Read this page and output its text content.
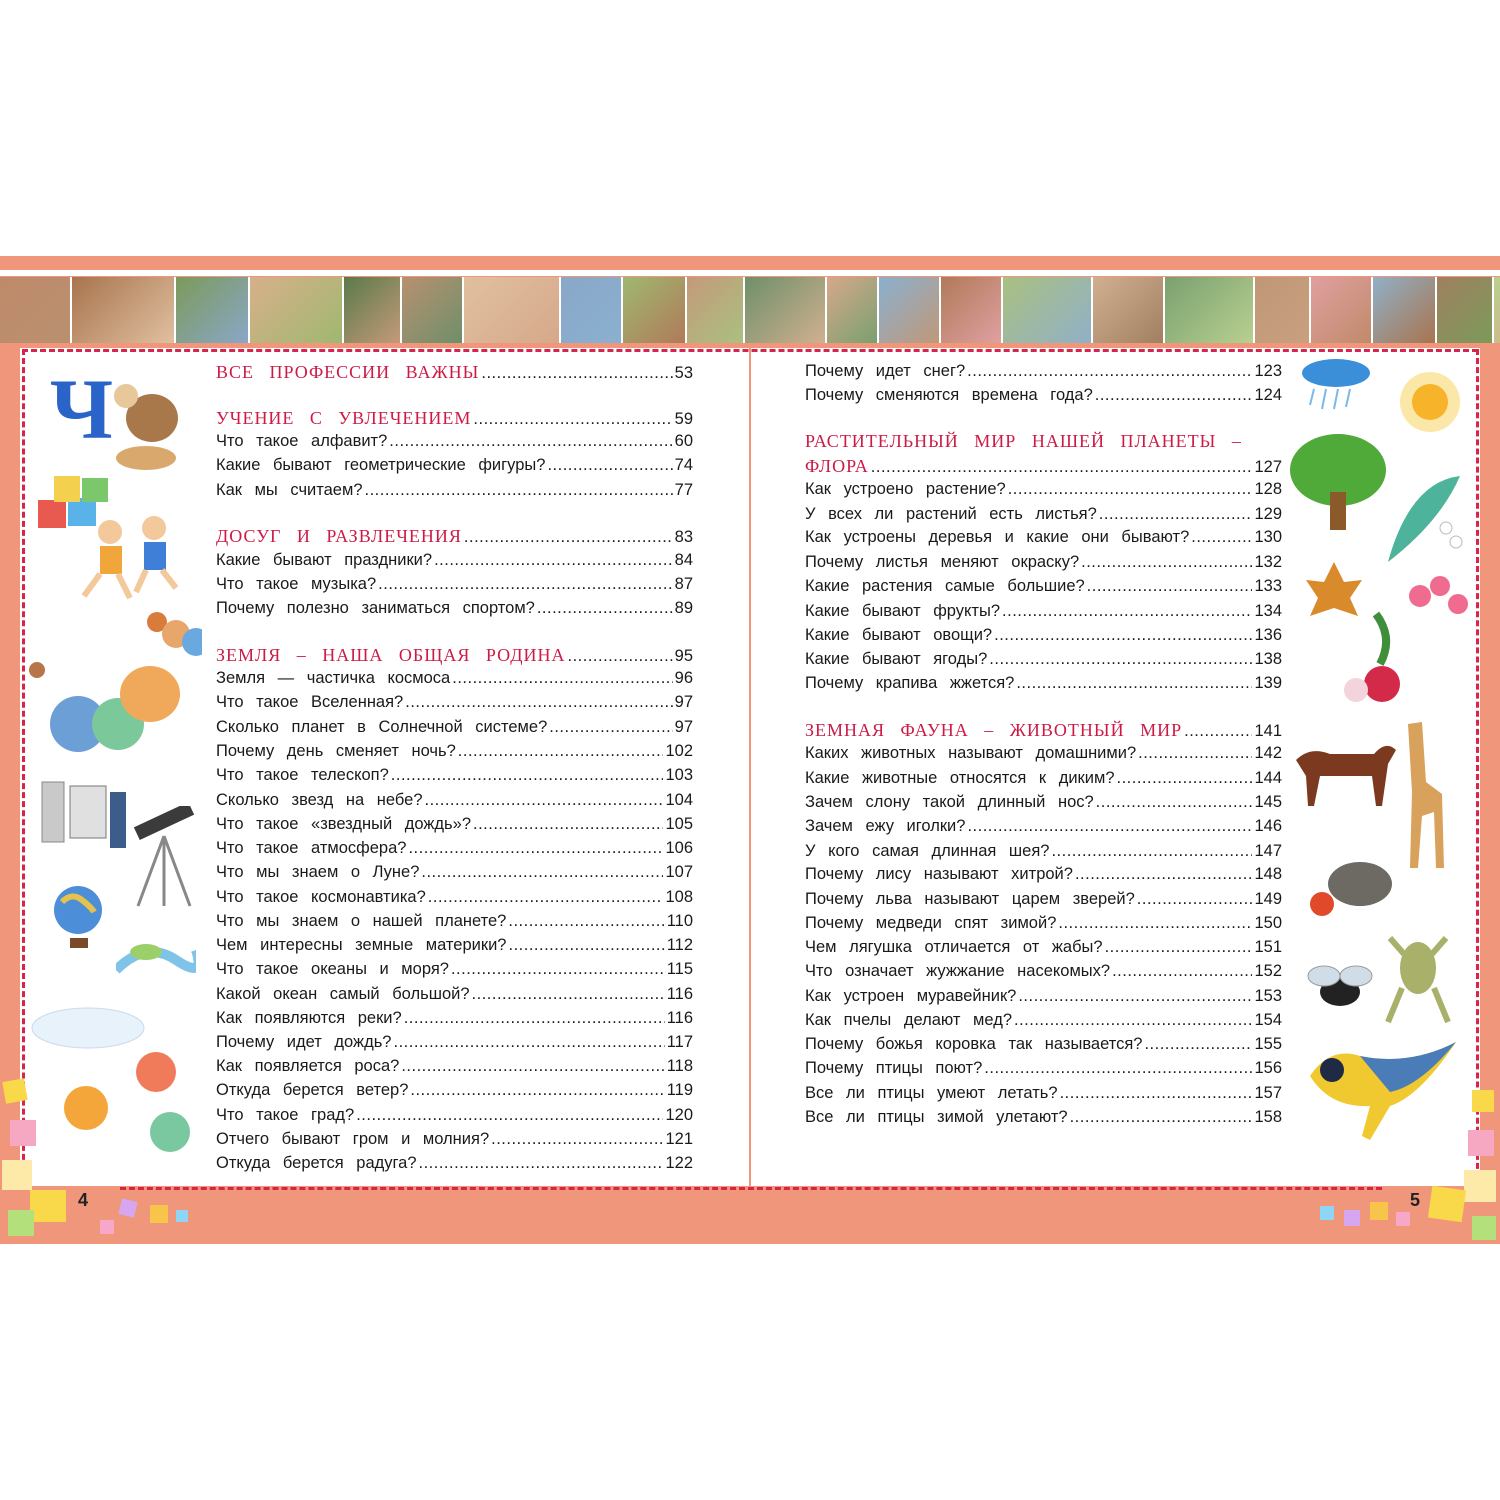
Ч
4	5
ВСЕ ПРОФЕССИИ ВАЖНЫ .....	53
УЧЕНИЕ С УВЛЕЧЕНИЕМ .....	59
Что такое алфавит? .....	60
Какие бывают геометрические фигуры? .....	74
Как мы считаем? .....	77
ДОСУГ И РАЗВЛЕЧЕНИЯ .....	83
Какие бывают праздники? .....	84
Что такое музыка? .....	87
Почему полезно заниматься спортом? .....	89
ЗЕМЛЯ – НАША ОБЩАЯ РОДИНА .....	95
Земля — частичка космоса .....	96
Что такое Вселенная? .....	97
Сколько планет в Солнечной системе? .....	97
Почему день сменяет ночь? .....	102
Что такое телескоп? .....	103
Сколько звезд на небе? .....	104
Что такое «звездный дождь»? .....	105
Что такое атмосфера? .....	106
Что мы знаем о Луне? .....	107
Что такое космонавтика? .....	108
Что мы знаем о нашей планете? .....	110
Чем интересны земные материки? .....	112
Что такое океаны и моря? .....	115
Какой океан самый большой? .....	116
Как появляются реки? .....	116
Почему идет дождь? .....	117
Как появляется роса? .....	118
Откуда берется ветер? .....	119
Что такое град? .....	120
Отчего бывают гром и молния? .....	121
Откуда берется радуга? .....	122
Почему идет снег? .....	123
Почему сменяются времена года? .....	124
РАСТИТЕЛЬНЫЙ МИР НАШЕЙ ПЛАНЕТЫ –
ФЛОРА .....	127
Как устроено растение? .....	128
У всех ли растений есть листья? .....	129
Как устроены деревья и какие они бывают? .....	130
Почему листья меняют окраску? .....	132
Какие растения самые большие? .....	133
Какие бывают фрукты? .....	134
Какие бывают овощи? .....	136
Какие бывают ягоды? .....	138
Почему крапива жжется? .....	139
ЗЕМНАЯ ФАУНА – ЖИВОТНЫЙ МИР .....	141
Каких животных называют домашними? .....	142
Какие животные относятся к диким? .....	144
Зачем слону такой длинный нос? .....	145
Зачем ежу иголки? .....	146
У кого самая длинная шея? .....	147
Почему лису называют хитрой? .....	148
Почему льва называют царем зверей? .....	149
Почему медведи спят зимой? .....	150
Чем лягушка отличается от жабы? .....	151
Что означает жужжание насекомых? .....	152
Как устроен муравейник? .....	153
Как пчелы делают мед? .....	154
Почему божья коровка так называется? .....	155
Почему птицы поют? .....	156
Все ли птицы умеют летать? .....	157
Все ли птицы зимой улетают? .....	158
